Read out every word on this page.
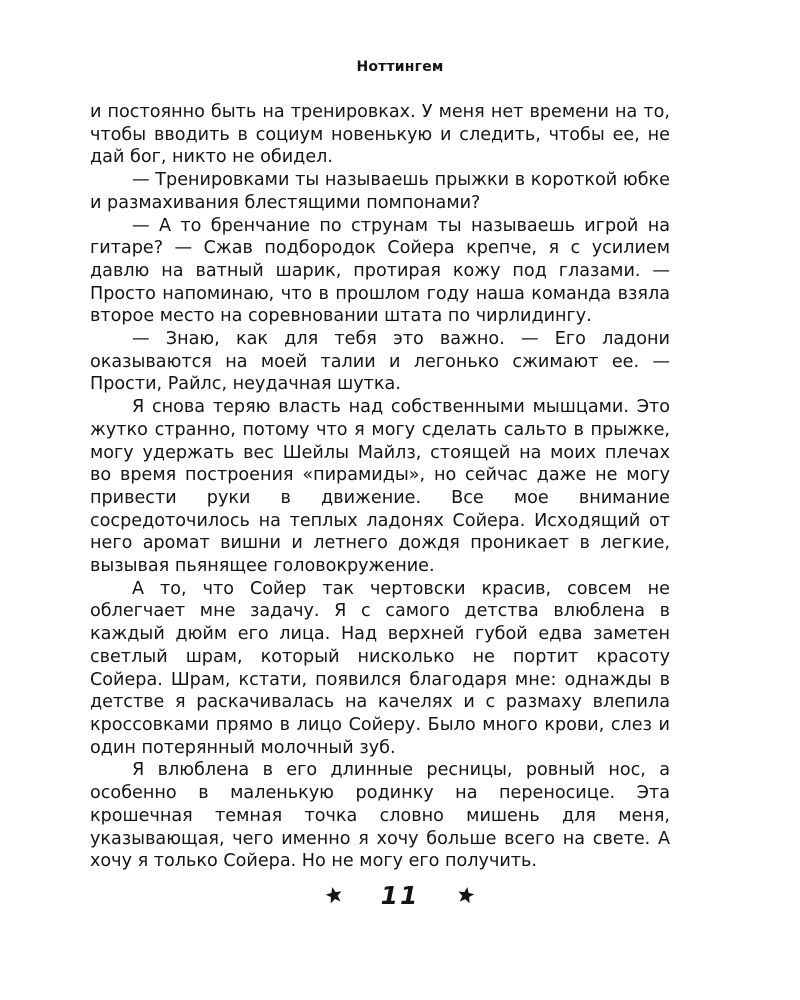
Ноттингем

и постоянно быть на тренировках. У меня нет времени на то, чтобы вводить в социум новенькую и следить, чтобы ее, не дай бог, никто не обидел.

— Тренировками ты называешь прыжки в короткой юбке и размахивания блестящими помпонами?

— А то бренчание по струнам ты называешь игрой на гитаре? — Сжав подбородок Сойера крепче, я с усилием давлю на ватный шарик, протирая кожу под глазами. — Просто напоминаю, что в прошлом году наша команда взяла второе место на соревновании штата по чирлидингу.

— Знаю, как для тебя это важно. — Его ладони оказываются на моей талии и легонько сжимают ее. — Прости, Райлс, неудачная шутка.

Я снова теряю власть над собственными мышцами. Это жутко странно, потому что я могу сделать сальто в прыжке, могу удержать вес Шейлы Майлз, стоящей на моих плечах во время построения «пирамиды», но сейчас даже не могу привести руки в движение. Все мое внимание сосредоточилось на теплых ладонях Сойера. Исходящий от него аромат вишни и летнего дождя проникает в легкие, вызывая пьянящее головокружение.

А то, что Сойер так чертовски красив, совсем не облегчает мне задачу. Я с самого детства влюблена в каждый дюйм его лица. Над верхней губой едва заметен светлый шрам, который нисколько не портит красоту Сойера. Шрам, кстати, появился благодаря мне: однажды в детстве я раскачивалась на качелях и с размаху влепила кроссовками прямо в лицо Сойеру. Было много крови, слез и один потерянный молочный зуб.

Я влюблена в его длинные ресницы, ровный нос, а особенно в маленькую родинку на переносице. Эта крошечная темная точка словно мишень для меня, указывающая, чего именно я хочу больше всего на свете. А хочу я только Сойера. Но не могу его получить.

11
